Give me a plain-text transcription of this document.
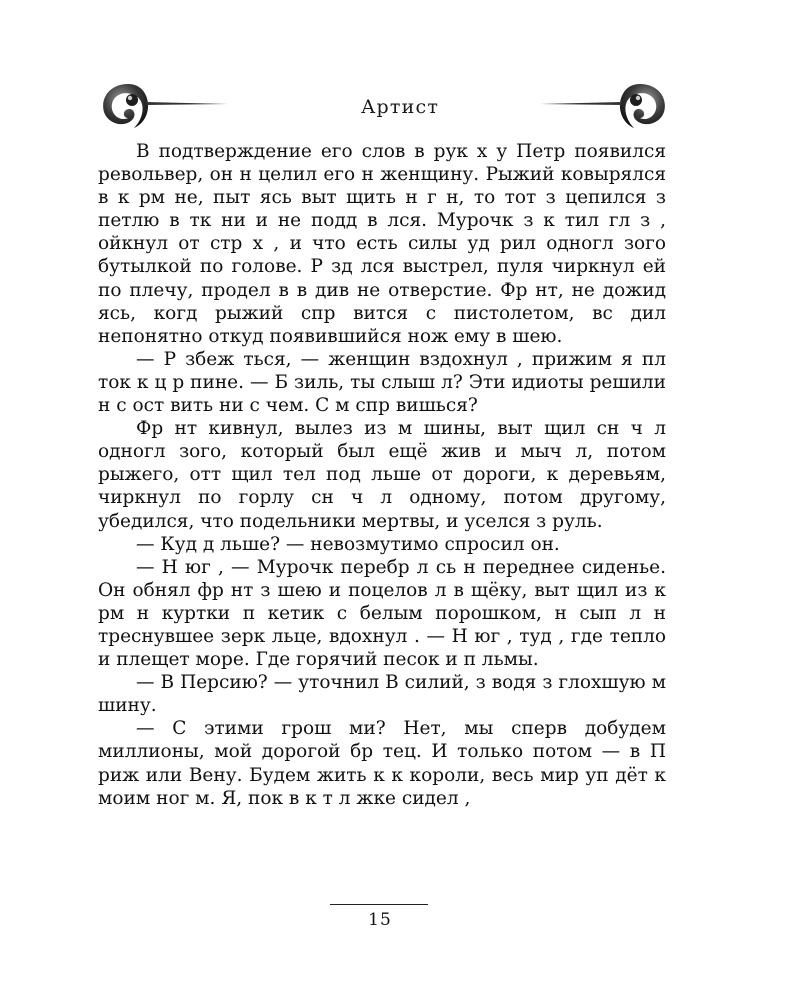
Артист

В подтверждение его слов в рук х у Петр появился револьвер, он н целил его н женщину. Рыжий ковырялся в к рм не, пыт ясь выт щить н г н, то тот з цепился з петлю в тк ни и не подд в лся. Мурочк з к тил гл з , ойкнул от стр х , и что есть силы уд рил одногл зого бутылкой по голове. Р зд лся выстрел, пуля чиркнул ей по плечу, продел в в див не отверстие. Фр нт, не дожид ясь, когд рыжий спр вится с пистолетом, вс дил непонятно откуд появившийся нож ему в шею.

— Р збеж ться, — женщин вздохнул , прижим я пл ток к ц р пине. — Б зиль, ты слыш л? Эти идиоты решили н с ост вить ни с чем. С м спр вишься?

Фр нт кивнул, вылез из м шины, выт щил сн ч л одногл зого, который был ещё жив и мыч л, потом рыжего, отт щил тел под льше от дороги, к деревьям, чиркнул по горлу сн ч л одному, потом другому, убедился, что подельники мертвы, и уселся з руль.

— Куд д льше? — невозмутимо спросил он.

— Н юг , — Мурочк перебр л сь н переднее сиденье. Он обнял фр нт з шею и поцелов л в щёку, выт щил из к рм н куртки п кетик с белым порошком, н сып л н треснувшее зерк льце, вдохнул . — Н юг , туд , где тепло и плещет море. Где горячий песок и п льмы.

— В Персию? — уточнил В силий, з водя з глохшую м шину.

— С этими грош ми? Нет, мы сперв добудем миллионы, мой дорогой бр тец. И только потом — в П риж или Вену. Будем жить к к короли, весь мир уп дёт к моим ног м. Я, пок в к т л жке сидел ,

15
